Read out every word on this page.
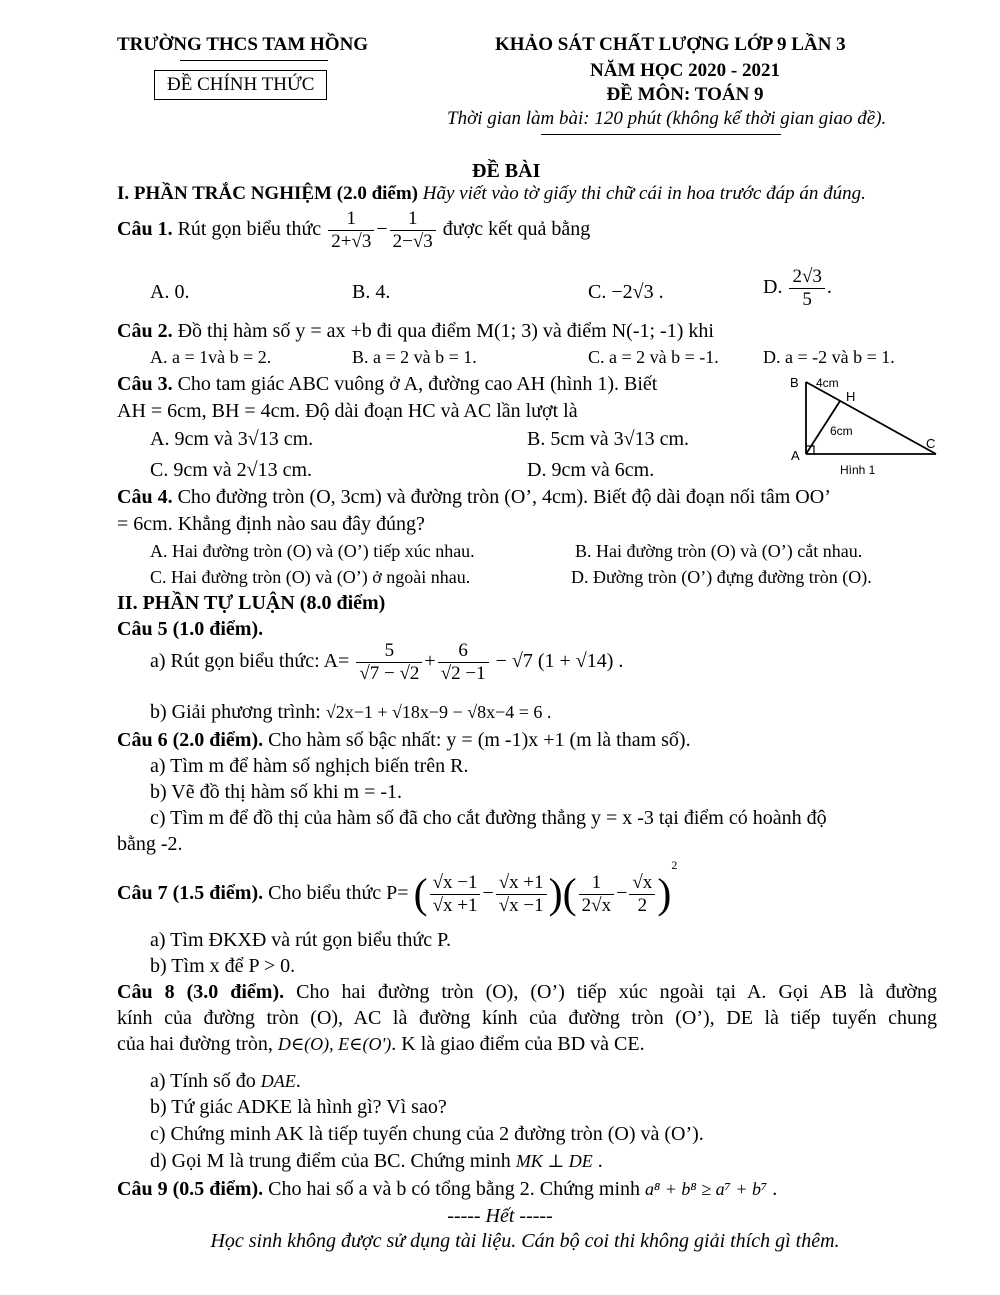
TRƯỜNG THCS TAM HỒNG
ĐỀ CHÍNH THỨC
KHẢO SÁT CHẤT LƯỢNG LỚP 9 LẦN 3
NĂM HỌC 2020 - 2021
ĐỀ MÔN: TOÁN 9
Thời gian làm bài: 120 phút (không kể thời gian giao đề).
ĐỀ BÀI
I. PHẦN TRẮC NGHIỆM (2.0 điểm) Hãy viết vào tờ giấy thi chữ cái in hoa trước đáp án đúng.
Câu 1. Rút gọn biểu thức $\frac{1}{2+√3} - \frac{1}{2-√3}$ được kết quả bằng
A. 0.	B. 4.	C. −2√3 .	D. $\frac{2√3}{5}$ .
Câu 2. Đồ thị hàm số y = ax +b đi qua điểm M(1; 3) và điểm N(-1; -1) khi
A. a = 1và b = 2.	B. a = 2 và b = 1.	C. a = 2 và b = -1. D. a = -2 và b = 1.
Câu 3. Cho tam giác ABC vuông ở A, đường cao AH (hình 1). Biết
AH = 6cm, BH = 4cm. Độ dài đoạn HC và AC lần lượt là
A. 9cm và 3√13 cm.	B. 5cm và 3√13 cm.
C. 9cm và 2√13 cm.	D. 9cm và 6cm.
B 4cm
H
6cm
A
C
Hình 1
Câu 4. Cho đường tròn (O, 3cm) và đường tròn (O’, 4cm). Biết độ dài đoạn nối tâm OO’
= 6cm. Khẳng định nào sau đây đúng?
A. Hai đường tròn (O) và (O’) tiếp xúc nhau.	B. Hai đường tròn (O) và (O’) cắt nhau.
C. Hai đường tròn (O) và (O’) ở ngoài nhau.	D. Đường tròn (O’) đựng đường tròn (O).
II. PHẦN TỰ LUẬN (8.0 điểm)
Câu 5 (1.0 điểm).
a) Rút gọn biểu thức: $A= \frac{5}{√7 - √2} + \frac{6}{√2 -1} - √7$ (1 + √14) .
b) Giải phương trình: √2x−1 + √18x−9 − √8x−4 = 6 .
Câu 6 (2.0 điểm). Cho hàm số bậc nhất: y = (m -1)x +1 (m là tham số).
a) Tìm m để hàm số nghịch biến trên R.
b) Vẽ đồ thị hàm số khi m = -1.
c) Tìm m để đồ thị của hàm số đã cho cắt đường thẳng y = x -3 tại điểm có hoành độ
bằng -2.
Câu 7 (1.5 điểm). Cho biểu thức P= ( $\frac{√x -1}{√x +1} - \frac{√x +1}{√x -1}$ )( $\frac{1}{2√x} - \frac{√x}{2} )^2$
a) Tìm ĐKXĐ và rút gọn biểu thức P.
b) Tìm x để P > 0.
Câu 8 (3.0 điểm). Cho hai đường tròn (O), (O’) tiếp xúc ngoài tại A. Gọi AB là đường
kính của đường tròn (O), AC là đường kính của đường tròn (O’), DE là tiếp tuyến chung
của hai đường tròn, D∈(O), E∈(O'). K là giao điểm của BD và CE.
a) Tính số đo DAE.
b) Tứ giác ADKE là hình gì? Vì sao?
c) Chứng minh AK là tiếp tuyến chung của 2 đường tròn (O) và (O’).
d) Gọi M là trung điểm của BC. Chứng minh MK ⊥ DE .
Câu 9 (0.5 điểm). Cho hai số a và b có tổng bằng 2. Chứng minh a⁸ + b⁸ ≥ a⁷ + b⁷ .
----- Hết -----
Học sinh không được sử dụng tài liệu. Cán bộ coi thi không giải thích gì thêm.
